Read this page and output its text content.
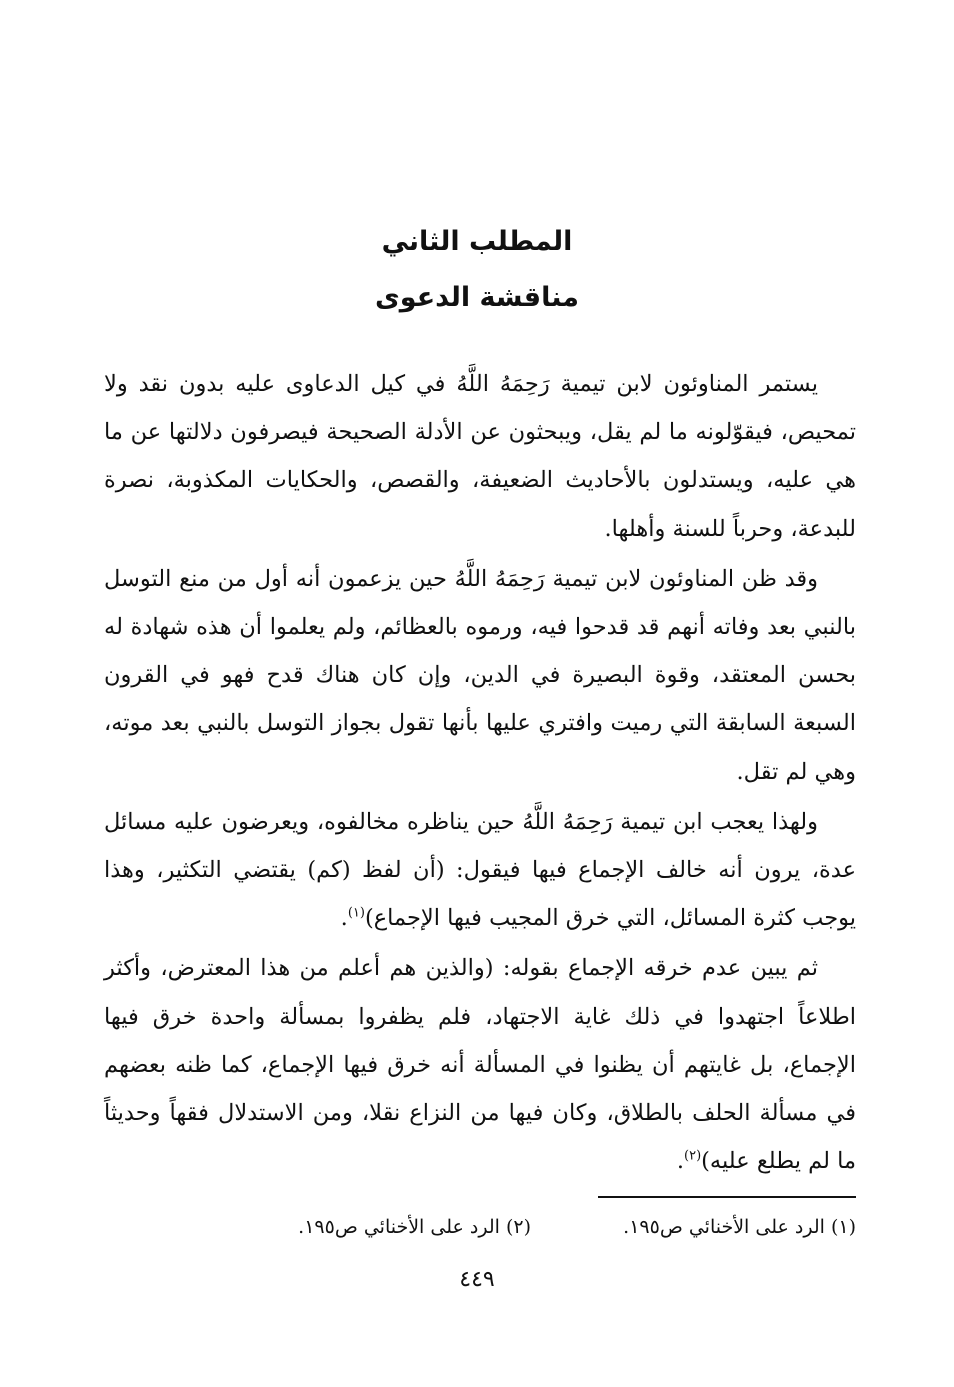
المطلب الثاني
مناقشة الدعوى

يستمر المناوئون لابن تيمية رَحِمَهُ اللَّهُ في كيل الدعاوى عليه بدون نقد ولا تمحيص، فيقوّلونه ما لم يقل، ويبحثون عن الأدلة الصحيحة فيصرفون دلالتها عن ما هي عليه، ويستدلون بالأحاديث الضعيفة، والقصص، والحكايات المكذوبة، نصرة للبدعة، وحرباً للسنة وأهلها.

وقد ظن المناوئون لابن تيمية رَحِمَهُ اللَّهُ حين يزعمون أنه أول من منع التوسل بالنبي بعد وفاته أنهم قد قدحوا فيه، ورموه بالعظائم، ولم يعلموا أن هذه شهادة له بحسن المعتقد، وقوة البصيرة في الدين، وإن كان هناك قدح فهو في القرون السبعة السابقة التي رميت وافتري عليها بأنها تقول بجواز التوسل بالنبي بعد موته، وهي لم تقل.

ولهذا يعجب ابن تيمية رَحِمَهُ اللَّهُ حين يناظره مخالفوه، ويعرضون عليه مسائل عدة، يرون أنه خالف الإجماع فيها فيقول: (أن لفظ (كم) يقتضي التكثير، وهذا يوجب كثرة المسائل، التي خرق المجيب فيها الإجماع)$^{(١)}$.

ثم يبين عدم خرقه الإجماع بقوله: (والذين هم أعلم من هذا المعترض، وأكثر اطلاعاً اجتهدوا في ذلك غاية الاجتهاد، فلم يظفروا بمسألة واحدة خرق فيها الإجماع، بل غايتهم أن يظنوا في المسألة أنه خرق فيها الإجماع، كما ظنه بعضهم في مسألة الحلف بالطلاق، وكان فيها من النزاع نقلا، ومن الاستدلال فقهاً وحديثاً ما لم يطلع عليه)$^{(٢)}$.

(١) الرد على الأخنائي ص١٩٥.
(٢) الرد على الأخنائي ص١٩٥.
٤٤٩
